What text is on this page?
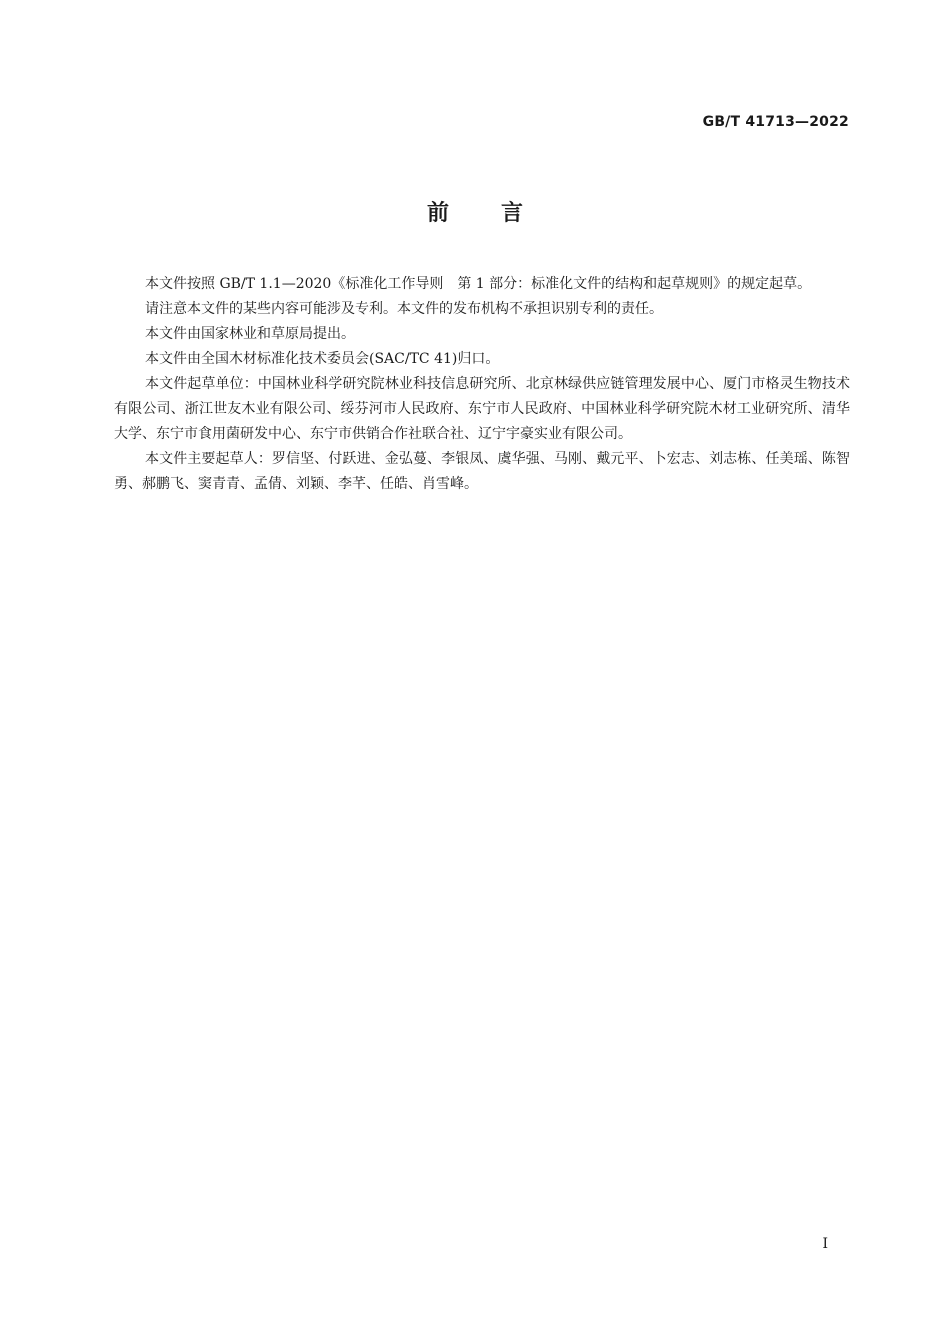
GB/T 41713—2022
前言

本文件按照 GB/T 1.1—2020《标准化工作导则　第 1 部分：标准化文件的结构和起草规则》的规定起草。

请注意本文件的某些内容可能涉及专利。本文件的发布机构不承担识别专利的责任。

本文件由国家林业和草原局提出。

本文件由全国木材标准化技术委员会(SAC/TC 41)归口。

本文件起草单位：中国林业科学研究院林业科技信息研究所、北京林绿供应链管理发展中心、厦门市格灵生物技术有限公司、浙江世友木业有限公司、绥芬河市人民政府、东宁市人民政府、中国林业科学研究院木材工业研究所、清华大学、东宁市食用菌研发中心、东宁市供销合作社联合社、辽宁宇豪实业有限公司。

本文件主要起草人：罗信坚、付跃进、金弘蔓、李银凤、虞华强、马刚、戴元平、卜宏志、刘志栋、任美瑶、陈智勇、郝鹏飞、窦青青、孟倩、刘颖、李芊、任皓、肖雪峰。

I
